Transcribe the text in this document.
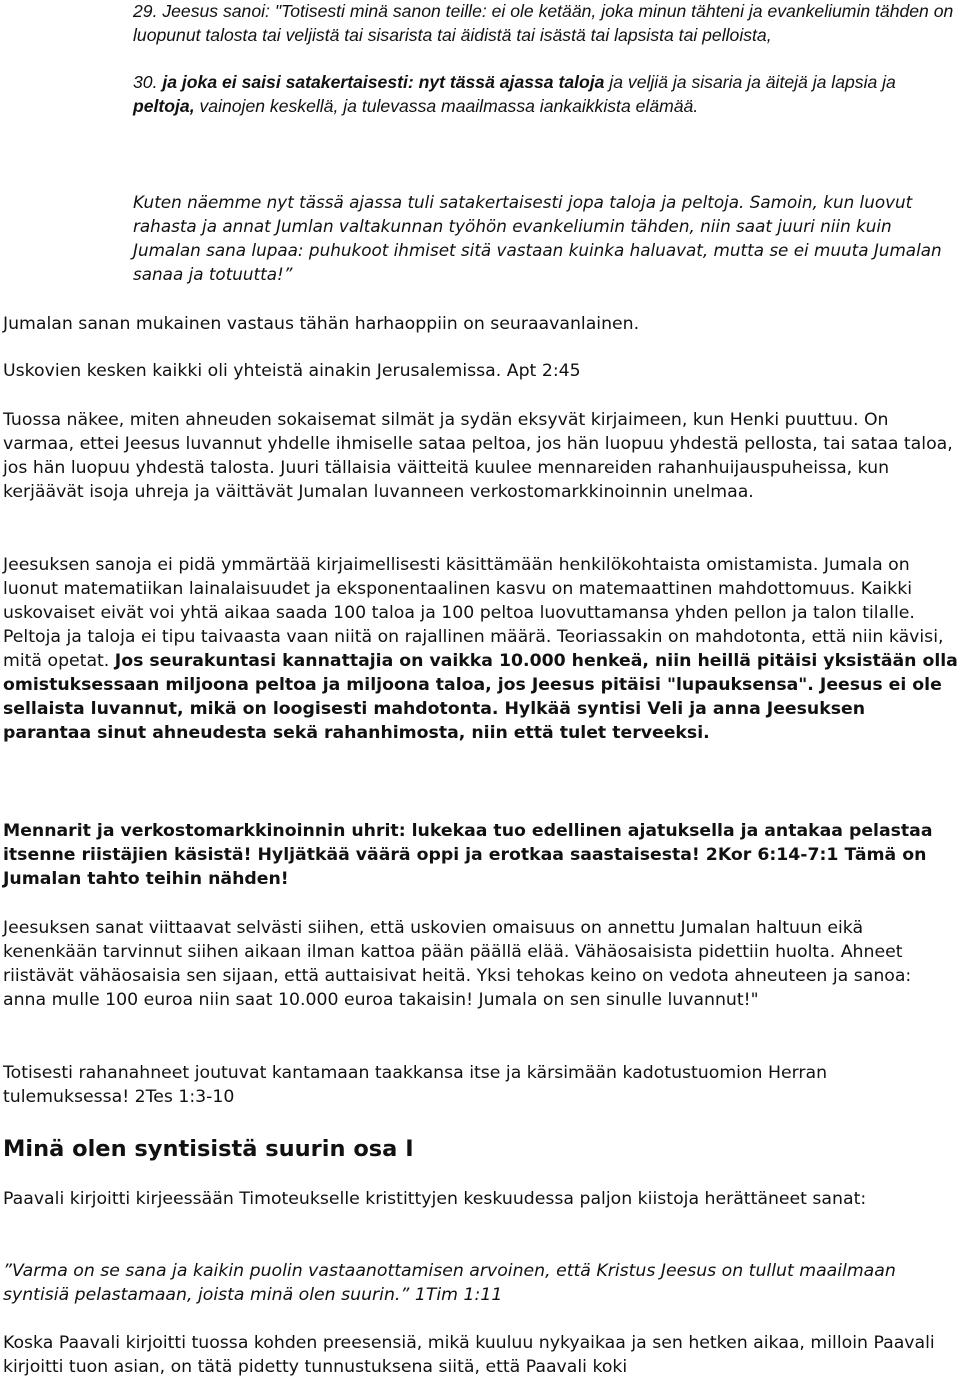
29. Jeesus sanoi: "Totisesti minä sanon teille: ei ole ketään, joka minun tähteni ja evankeliumin tähden on luopunut talosta tai veljistä tai sisarista tai äidistä tai isästä tai lapsista tai pelloista,

30. ja joka ei saisi satakertaisesti: nyt tässä ajassa taloja ja veljiä ja sisaria ja äitejä ja lapsia ja peltoja, vainojen keskellä, ja tulevassa maailmassa iankaikkista elämää.

Kuten näemme nyt tässä ajassa tuli satakertaisesti jopa taloja ja peltoja. Samoin, kun luovut rahasta ja annat Jumlan valtakunnan työhön evankeliumin tähden, niin saat juuri niin kuin Jumalan sana lupaa: puhukoot ihmiset sitä vastaan kuinka haluavat, mutta se ei muuta Jumalan sanaa ja totuutta!”

Jumalan sanan mukainen vastaus tähän harhaoppiin on seuraavanlainen.

Uskovien kesken kaikki oli yhteistä ainakin Jerusalemissa. Apt 2:45

Tuossa näkee, miten ahneuden sokaisemat silmät ja sydän eksyvät kirjaimeen, kun Henki puuttuu. On varmaa, ettei Jeesus luvannut yhdelle ihmiselle sataa peltoa, jos hän luopuu yhdestä pellosta, tai sataa taloa, jos hän luopuu yhdestä talosta. Juuri tällaisia väitteitä kuulee mennareiden rahanhuijauspuheissa, kun kerjäävät isoja uhreja ja väittävät Jumalan luvanneen verkostomarkkinoinnin unelmaa.

Jeesuksen sanoja ei pidä ymmärtää kirjaimellisesti käsittämään henkilökohtaista omistamista. Jumala on luonut matematiikan lainalaisuudet ja eksponentaalinen kasvu on matemaattinen mahdottomuus. Kaikki uskovaiset eivät voi yhtä aikaa saada 100 taloa ja 100 peltoa luovuttamansa yhden pellon ja talon tilalle. Peltoja ja taloja ei tipu taivaasta vaan niitä on rajallinen määrä. Teoriassakin on mahdotonta, että niin kävisi, mitä opetat. Jos seurakuntasi kannattajia on vaikka 10.000 henkeä, niin heillä pitäisi yksistään olla omistuksessaan miljoona peltoa ja miljoona taloa, jos Jeesus pitäisi "lupauksensa". Jeesus ei ole sellaista luvannut, mikä on loogisesti mahdotonta. Hylkää syntisi Veli ja anna Jeesuksen parantaa sinut ahneudesta sekä rahanhimosta, niin että tulet terveeksi.

Mennarit ja verkostomarkkinoinnin uhrit: lukekaa tuo edellinen ajatuksella ja antakaa pelastaa itsenne riistäjien käsistä! Hyljätkää väärä oppi ja erotkaa saastaisesta! 2Kor 6:14-7:1 Tämä on Jumalan tahto teihin nähden!

Jeesuksen sanat viittaavat selvästi siihen, että uskovien omaisuus on annettu Jumalan haltuun eikä kenenkään tarvinnut siihen aikaan ilman kattoa pään päällä elää. Vähäosaisista pidettiin huolta. Ahneet riistävät vähäosaisia sen sijaan, että auttaisivat heitä. Yksi tehokas keino on vedota ahneuteen ja sanoa: anna mulle 100 euroa niin saat 10.000 euroa takaisin! Jumala on sen sinulle luvannut!"

Totisesti rahanahneet joutuvat kantamaan taakkansa itse ja kärsimään kadotustuomion Herran tulemuksessa! 2Tes 1:3-10

Minä olen syntisistä suurin osa I

Paavali kirjoitti kirjeessään Timoteukselle kristittyjen keskuudessa paljon kiistoja herättäneet sanat:

”Varma on se sana ja kaikin puolin vastaanottamisen arvoinen, että Kristus Jeesus on tullut maailmaan syntisiä pelastamaan, joista minä olen suurin.” 1Tim 1:11

Koska Paavali kirjoitti tuossa kohden preesensiä, mikä kuuluu nykyaikaa ja sen hetken aikaa, milloin Paavali kirjoitti tuon asian, on tätä pidetty tunnustuksena siitä, että Paavali koki
